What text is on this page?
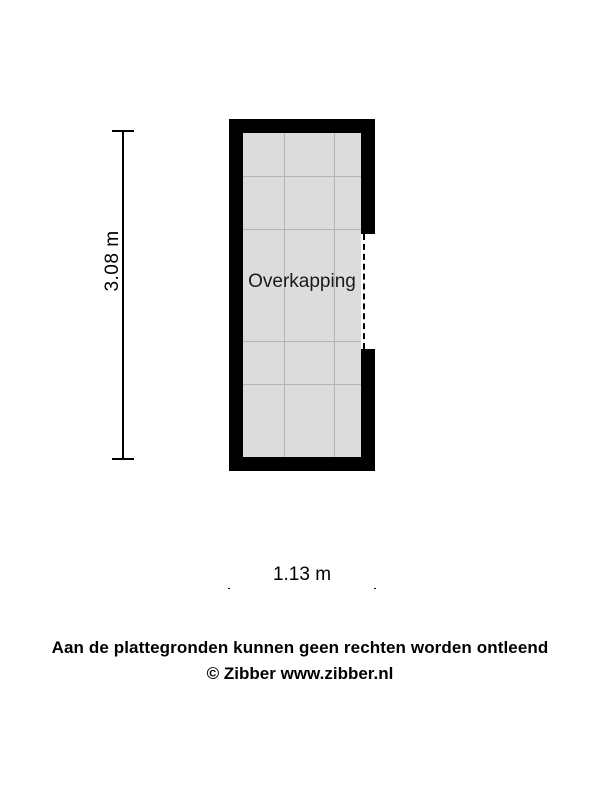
3.08 m	Overkapping
1.13 m
Aan de plattegronden kunnen geen rechten worden ontleend
© Zibber www.zibber.nl
